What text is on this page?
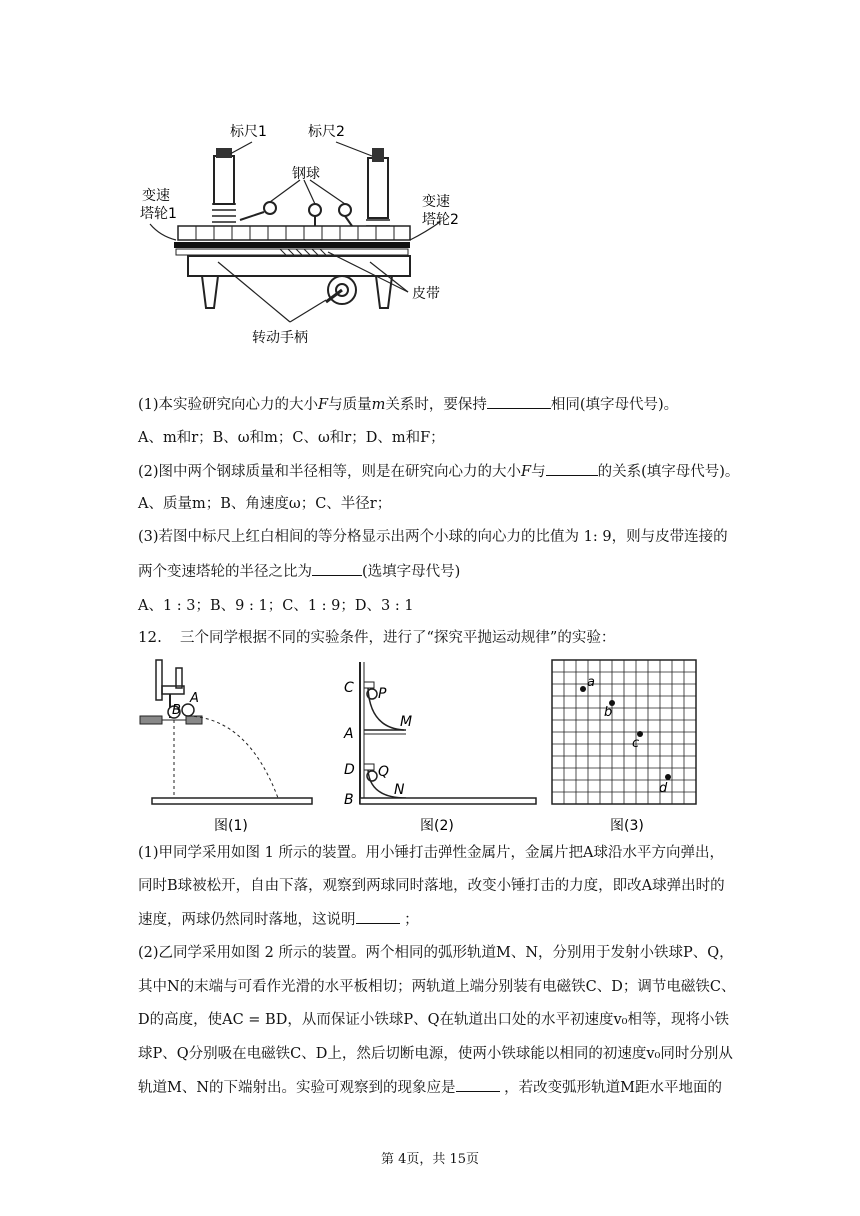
标尺1	标尺2
钢球
变速
塔轮1
变速
塔轮2
皮带
转动手柄
(1)本实验研究向心力的大小F与质量m关系时，要保持	相同(填字母代号)。
A、m和r；B、ω和m；C、ω和r；D、m和F；
(2)图中两个钢球质量和半径相等，则是在研究向心力的大小F与	的关系(填字母代号)。
A、质量m；B、角速度ω；C、半径r；
(3)若图中标尺上红白相间的等分格显示出两个小球的向心力的比值为 1: 9，则与皮带连接的
两个变速塔轮的半径之比为	(选填字母代号)
A、1 : 3；B、9 : 1；C、1 : 9；D、3 : 1
12. 三个同学根据不同的实验条件，进行了“探究平抛运动规律”的实验：
B
A
图(1)
C P
M
A
D Q
N
B
图(2)
a
b
c
d
图(3)
(1)甲同学采用如图 1 所示的装置。用小锤打击弹性金属片，金属片把A球沿水平方向弹出，
同时B球被松开，自由下落，观察到两球同时落地，改变小锤打击的力度，即改A球弹出时的
速度，两球仍然同时落地，这说明	；
(2)乙同学采用如图 2 所示的装置。两个相同的弧形轨道M、N，分别用于发射小铁球P、Q，
其中N的末端与可看作光滑的水平板相切；两轨道上端分别装有电磁铁C、D；调节电磁铁C、
D的高度，使AC = BD，从而保证小铁球P、Q在轨道出口处的水平初速度v₀相等，现将小铁
球P、Q分别吸在电磁铁C、D上，然后切断电源，使两小铁球能以相同的初速度v₀同时分别从
轨道M、N的下端射出。实验可观察到的现象应是	，若改变弧形轨道M距水平地面的
第 4页，共 15页
